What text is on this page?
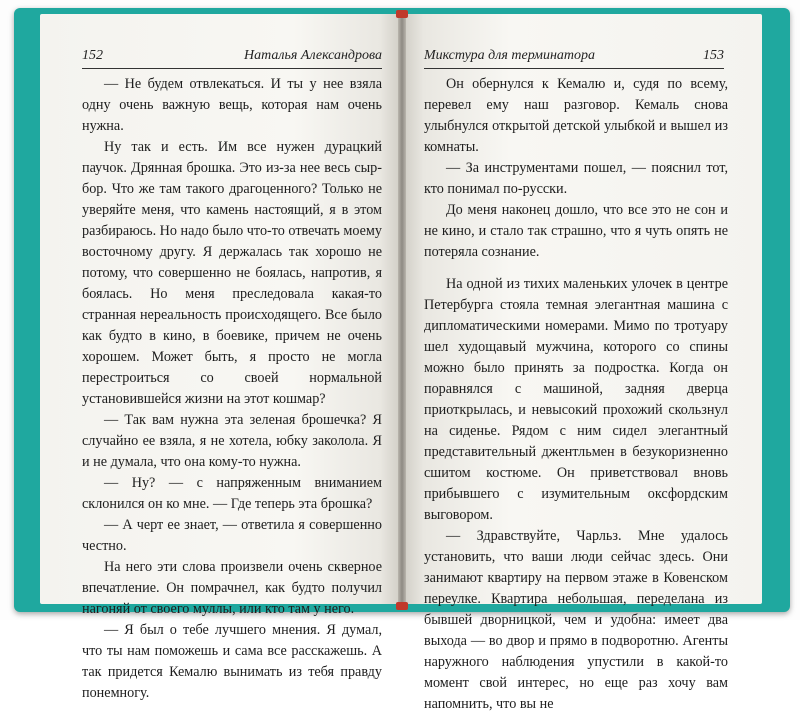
152	Наталья Александрова

— Не будем отвлекаться. И ты у нее взяла одну очень важную вещь, которая нам очень нужна.

Ну так и есть. Им все нужен дурацкий паучок. Дрянная брошка. Это из-за нее весь сыр-бор. Что же там такого драгоценного? Только не уверяйте меня, что камень настоящий, я в этом разбираюсь. Но надо было что-то отвечать моему восточному другу. Я держалась так хорошо не потому, что совершенно не боялась, напротив, я боялась. Но меня преследовала какая-то странная нереальность происходящего. Все было как будто в кино, в боевике, причем не очень хорошем. Может быть, я просто не могла перестроиться со своей нормальной установившейся жизни на этот кошмар?

— Так вам нужна эта зеленая брошечка? Я случайно ее взяла, я не хотела, юбку заколола. Я и не думала, что она кому-то нужна.

— Ну? — с напряженным вниманием склонился он ко мне. — Где теперь эта брошка?

— А черт ее знает, — ответила я совершенно честно.

На него эти слова произвели очень скверное впечатление. Он помрачнел, как будто получил нагоняй от своего муллы, или кто там у него.

— Я был о тебе лучшего мнения. Я думал, что ты нам поможешь и сама все расскажешь. А так придется Кемалю вынимать из тебя правду понемногу.

Микстура для терминатора	153

Он обернулся к Кемалю и, судя по всему, перевел ему наш разговор. Кемаль снова улыбнулся открытой детской улыбкой и вышел из комнаты.

— За инструментами пошел, — пояснил тот, кто понимал по-русски.

До меня наконец дошло, что все это не сон и не кино, и стало так страшно, что я чуть опять не потеряла сознание.

На одной из тихих маленьких улочек в центре Петербурга стояла темная элегантная машина с дипломатическими номерами. Мимо по тротуару шел худощавый мужчина, которого со спины можно было принять за подростка. Когда он поравнялся с машиной, задняя дверца приоткрылась, и невысокий прохожий скользнул на сиденье. Рядом с ним сидел элегантный представительный джентльмен в безукоризненно сшитом костюме. Он приветствовал вновь прибывшего с изумительным оксфордским выговором.

— Здравствуйте, Чарльз. Мне удалось установить, что ваши люди сейчас здесь. Они занимают квартиру на первом этаже в Ковенском переулке. Квартира небольшая, переделана из бывшей дворницкой, чем и удобна: имеет два выхода — во двор и прямо в подворотню. Агенты наружного наблюдения упустили в какой-то момент свой интерес, но еще раз хочу вам напомнить, что вы не
